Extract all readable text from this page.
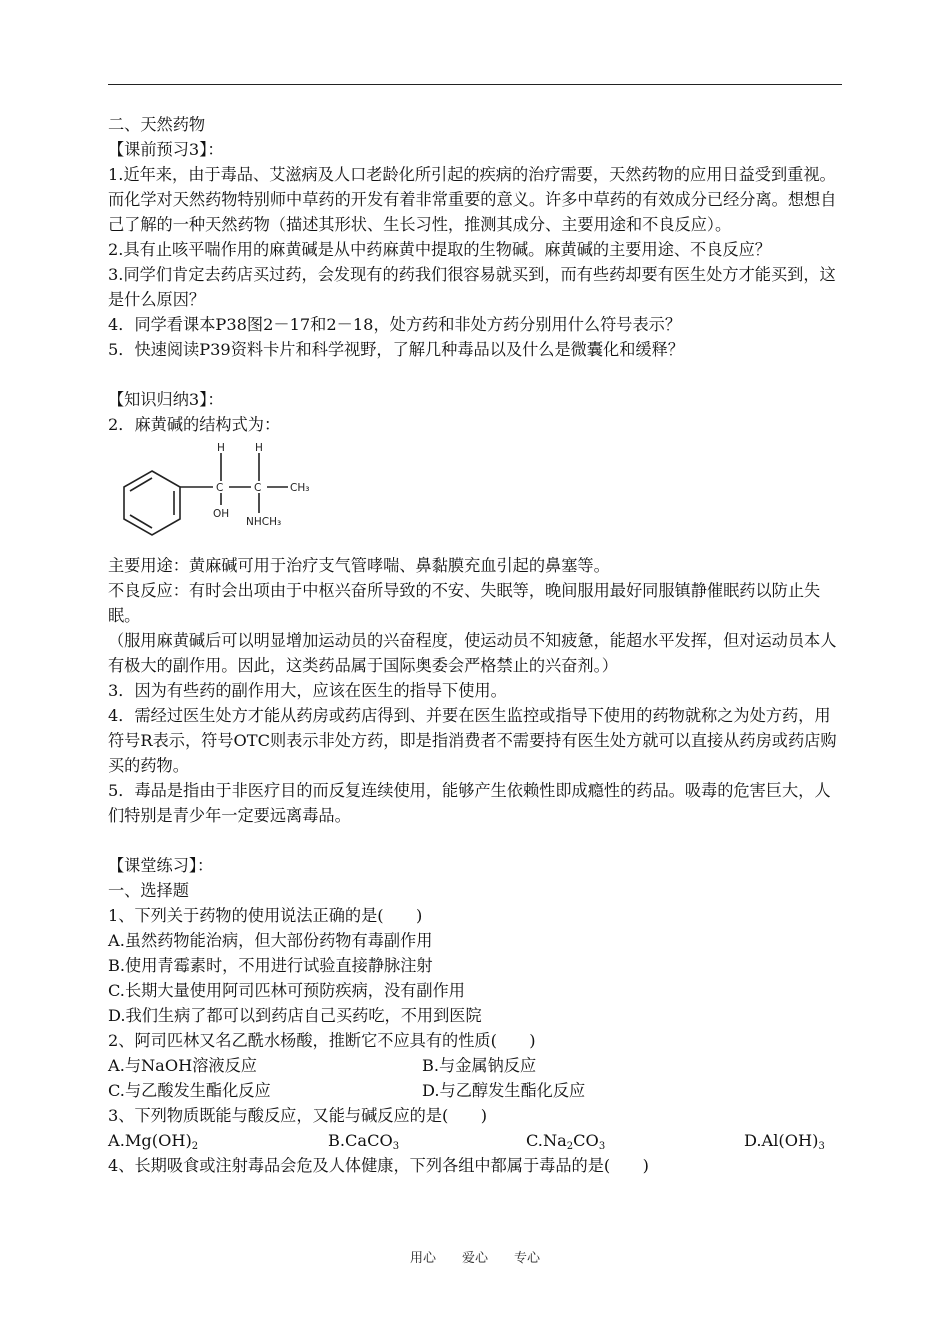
二、天然药物

【课前预习3】：

1.近年来，由于毒品、艾滋病及人口老龄化所引起的疾病的治疗需要，天然药物的应用日益受到重视。而化学对天然药物特别师中草药的开发有着非常重要的意义。许多中草药的有效成分已经分离。想想自己了解的一种天然药物（描述其形状、生长习性，推测其成分、主要用途和不良反应）。

2.具有止咳平喘作用的麻黄碱是从中药麻黄中提取的生物碱。麻黄碱的主要用途、不良反应？

3.同学们肯定去药店买过药，会发现有的药我们很容易就买到，而有些药却要有医生处方才能买到，这是什么原因？

4．同学看课本P38图2－17和2－18，处方药和非处方药分别用什么符号表示？

5．快速阅读P39资料卡片和科学视野，了解几种毒品以及什么是微囊化和缓释？

【知识归纳3】：

2．麻黄碱的结构式为：

H	H
C	C	CH₃
OH
NHCH₃

主要用途：黄麻碱可用于治疗支气管哮喘、鼻黏膜充血引起的鼻塞等。

不良反应：有时会出项由于中枢兴奋所导致的不安、失眠等，晚间服用最好同服镇静催眠药以防止失眠。

（服用麻黄碱后可以明显增加运动员的兴奋程度，使运动员不知疲惫，能超水平发挥，但对运动员本人有极大的副作用。因此，这类药品属于国际奥委会严格禁止的兴奋剂。）

3．因为有些药的副作用大，应该在医生的指导下使用。

4．需经过医生处方才能从药房或药店得到、并要在医生监控或指导下使用的药物就称之为处方药，用符号R表示，符号OTC则表示非处方药，即是指消费者不需要持有医生处方就可以直接从药房或药店购买的药物。

5．毒品是指由于非医疗目的而反复连续使用，能够产生依赖性即成瘾性的药品。吸毒的危害巨大，人们特别是青少年一定要远离毒品。

【课堂练习】：

一、选择题

1、下列关于药物的使用说法正确的是(　　)

A.虽然药物能治病，但大部份药物有毒副作用

B.使用青霉素时，不用进行试验直接静脉注射

C.长期大量使用阿司匹林可预防疾病，没有副作用

D.我们生病了都可以到药店自己买药吃，不用到医院

2、阿司匹林又名乙酰水杨酸，推断它不应具有的性质(　　)

A.与NaOH溶液反应	B.与金属钠反应
C.与乙酸发生酯化反应	D.与乙醇发生酯化反应

3、下列物质既能与酸反应，又能与碱反应的是(　　)

$A.Mg(OH)_2$	B.CaCO$_3$	$C.Na_2CO_3$	$D.Al(OH)_3$

4、长期吸食或注射毒品会危及人体健康，下列各组中都属于毒品的是(　　)

用心　　爱心　　专心
